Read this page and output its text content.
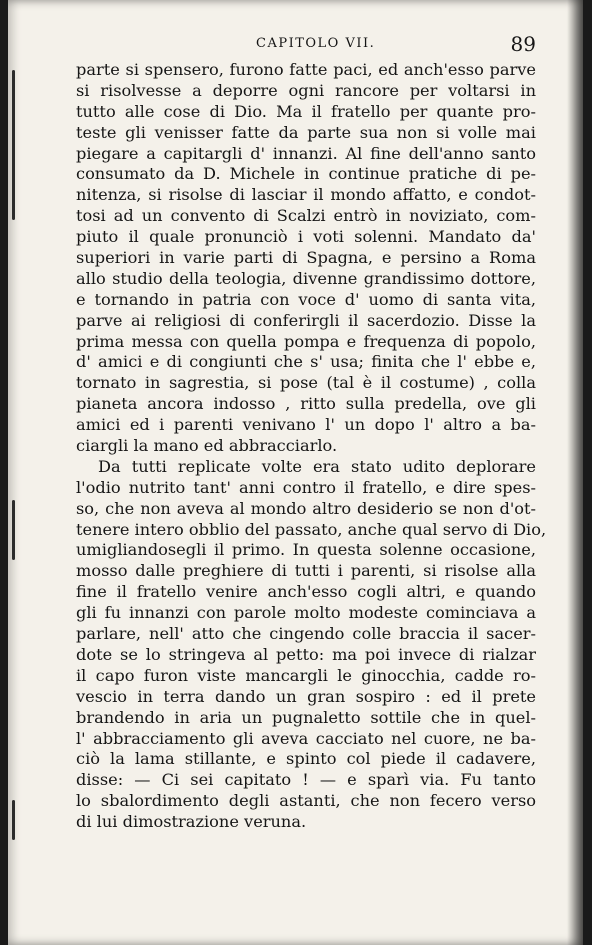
CAPITOLO VII.	89
parte si spensero, furono fatte paci, ed anch'esso parve
si risolvesse a deporre ogni rancore per voltarsi in
tutto alle cose di Dio. Ma il fratello per quante pro-
teste gli venisser fatte da parte sua non si volle mai
piegare a capitargli d' innanzi. Al fine dell'anno santo
consumato da D. Michele in continue pratiche di pe-
nitenza, si risolse di lasciar il mondo affatto, e condot-
tosi ad un convento di Scalzi entrò in noviziato, com-
piuto il quale pronunciò i voti solenni. Mandato da'
superiori in varie parti di Spagna, e persino a Roma
allo studio della teologia, divenne grandissimo dottore,
e tornando in patria con voce d' uomo di santa vita,
parve ai religiosi di conferirgli il sacerdozio. Disse la
prima messa con quella pompa e frequenza di popolo,
d' amici e di congiunti che s' usa; finita che l' ebbe e,
tornato in sagrestia, si pose (tal è il costume) , colla
pianeta ancora indosso , ritto sulla predella, ove gli
amici ed i parenti venivano l' un dopo l' altro a ba-
ciargli la mano ed abbracciarlo.
Da tutti replicate volte era stato udito deplorare
l'odio nutrito tant' anni contro il fratello, e dire spes-
so, che non aveva al mondo altro desiderio se non d'ot-
tenere intero obblio del passato, anche qual servo di Dio,
umigliandosegli il primo. In questa solenne occasione,
mosso dalle preghiere di tutti i parenti, si risolse alla
fine il fratello venire anch'esso cogli altri, e quando
gli fu innanzi con parole molto modeste cominciava a
parlare, nell' atto che cingendo colle braccia il sacer-
dote se lo stringeva al petto: ma poi invece di rialzar
il capo furon viste mancargli le ginocchia, cadde ro-
vescio in terra dando un gran sospiro : ed il prete
brandendo in aria un pugnaletto sottile che in quel-
l' abbracciamento gli aveva cacciato nel cuore, ne ba-
ciò la lama stillante, e spinto col piede il cadavere,
disse: — Ci sei capitato ! — e sparì via. Fu tanto
lo sbalordimento degli astanti, che non fecero verso
di lui dimostrazione veruna.
